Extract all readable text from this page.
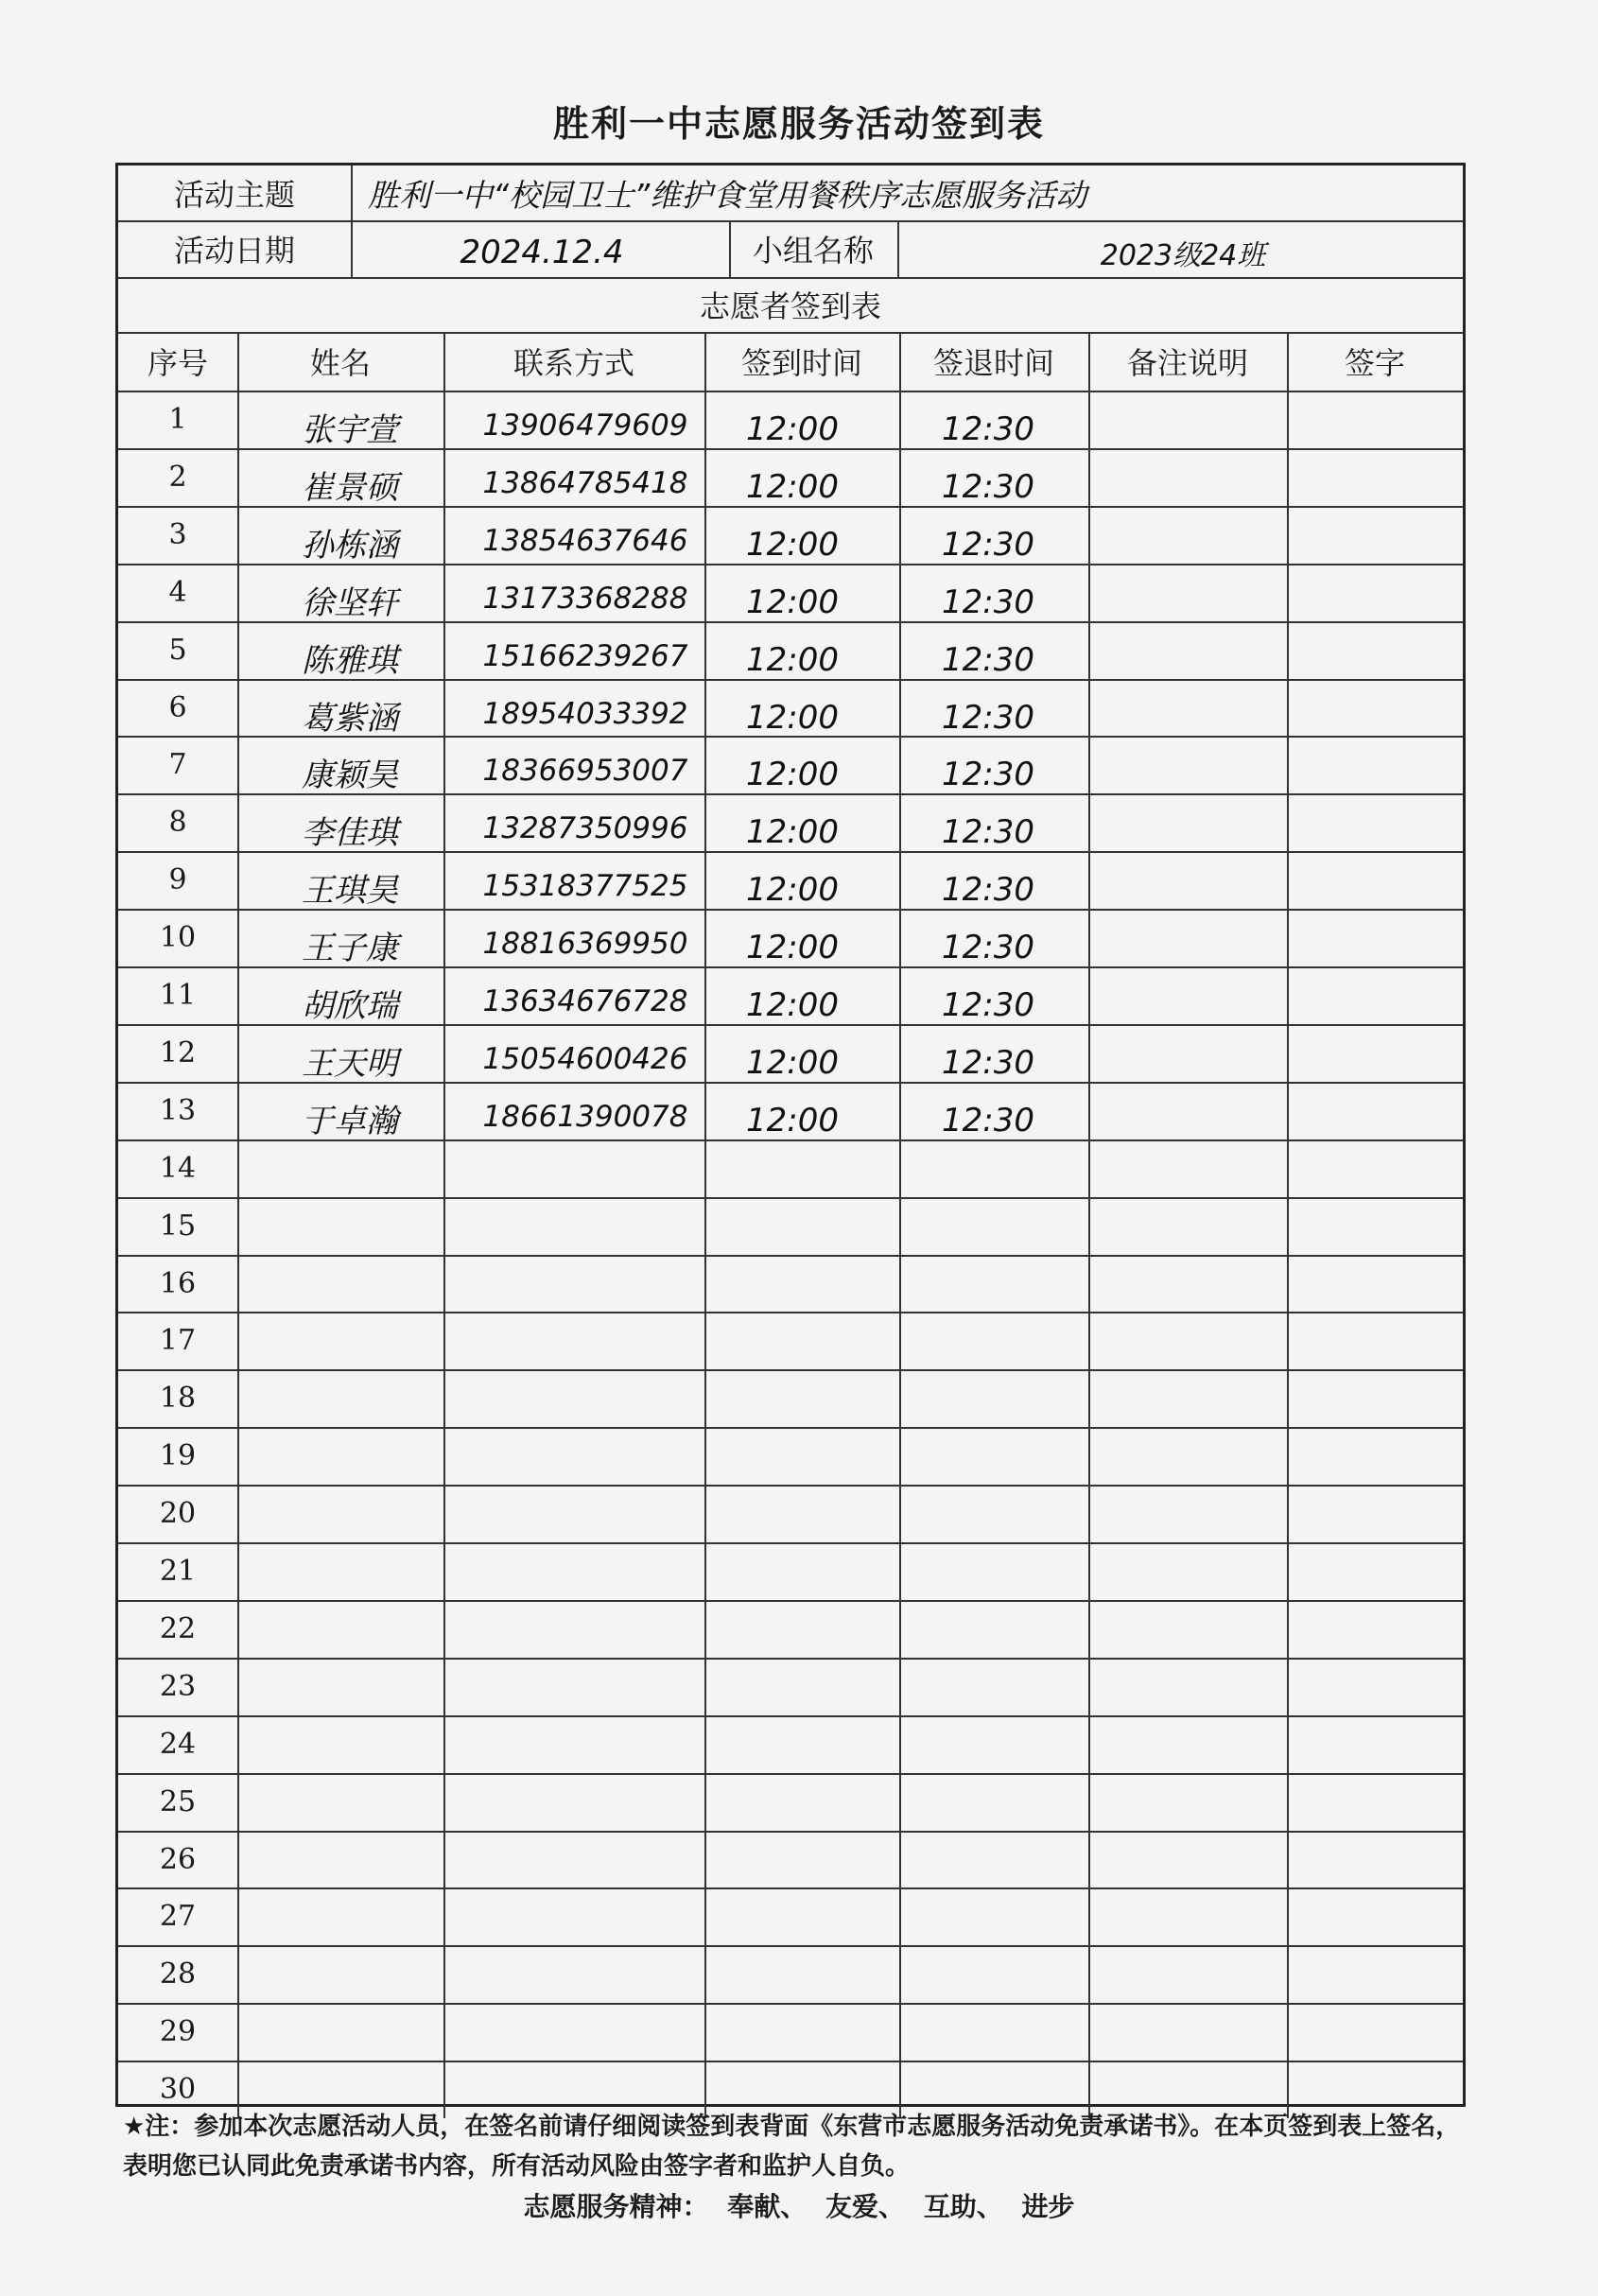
胜利一中志愿服务活动签到表
活动主题	胜利一中“校园卫士”维护食堂用餐秩序志愿服务活动
活动日期	2024.12.4	小组名称	2023级24班
志愿者签到表
序号	姓名	联系方式	签到时间	签退时间	备注说明	签字
1	张宇萱	13906479609	12:00	12:30
2	崔景硕	13864785418	12:00	12:30
3	孙栋涵	13854637646	12:00	12:30
4	徐坚轩	13173368288	12:00	12:30
5	陈雅琪	15166239267	12:00	12:30
6	葛紫涵	18954033392	12:00	12:30
7	康颖昊	18366953007	12:00	12:30
8	李佳琪	13287350996	12:00	12:30
9	王琪昊	15318377525	12:00	12:30
10	王子康	18816369950	12:00	12:30
11	胡欣瑞	13634676728	12:00	12:30
12	王天明	15054600426	12:00	12:30
13	于卓瀚	18661390078	12:00	12:30
14
15
16
17
18
19
20
21
22
23
24
25
26
27
28
29
30
★注：参加本次志愿活动人员，在签名前请仔细阅读签到表背面《东营市志愿服务活动免责承诺书》。在本页签到表上签名，表明您已认同此免责承诺书内容，所有活动风险由签字者和监护人自负。
志愿服务精神： 奉献、 友爱、 互助、 进步
